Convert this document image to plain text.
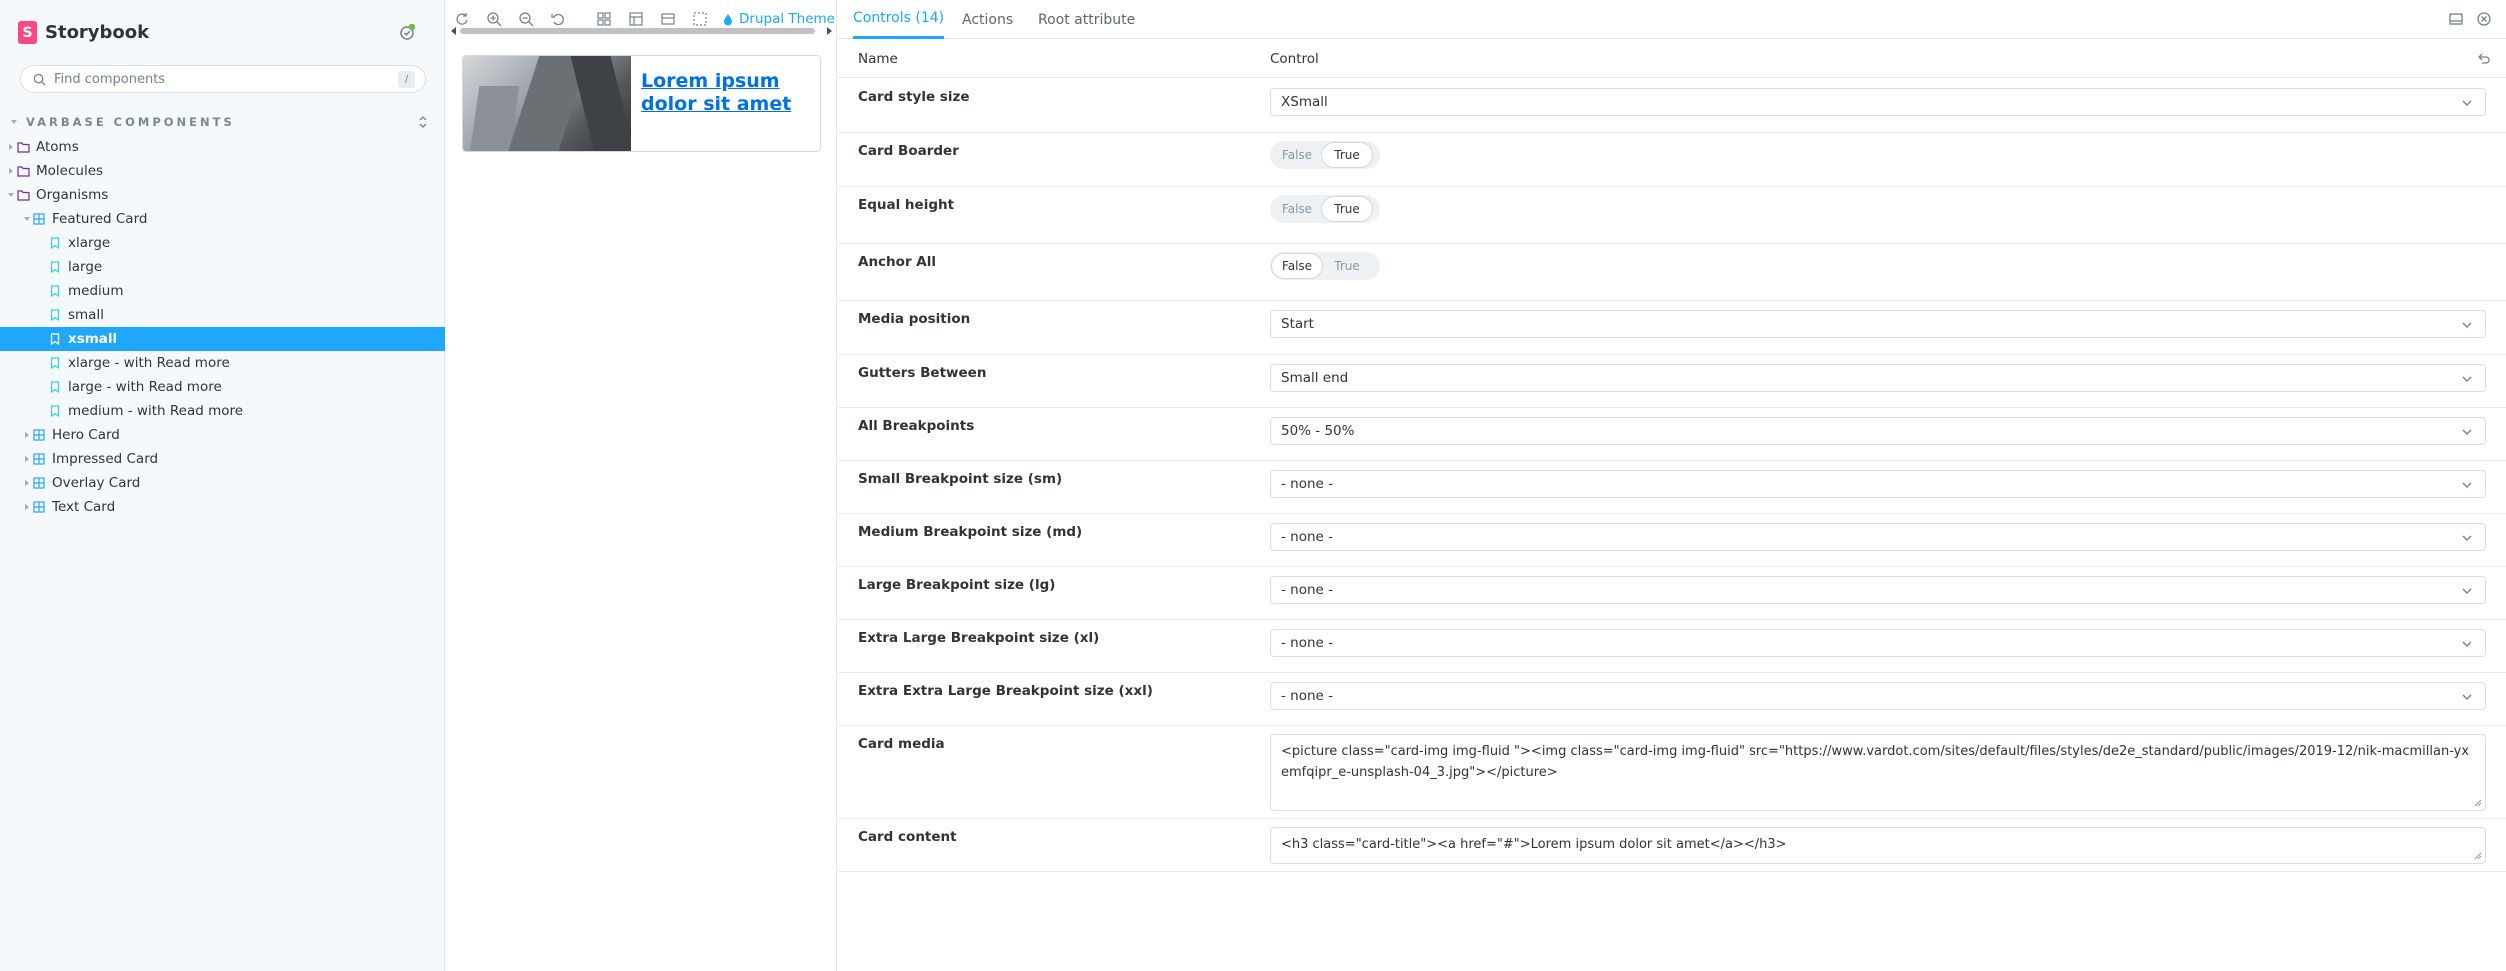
S Storybook
Find components
/
VARBASE COMPONENTS
Atoms
Molecules
Organisms
Featured Card
xlarge
large
medium
small
xsmall
xlarge - with Read more
large - with Read more
medium - with Read more
Hero Card
Impressed Card
Overlay Card
Text Card
Drupal Theme
Lorem ipsum dolor sit amet
Controls (14) Actions Root attribute
Name	Control
Card style size	XSmall
Card Boarder	False	True
Equal height	False	True
Anchor All	False	True
Media position	Start
Gutters Between	Small end
All Breakpoints	50% - 50%
Small Breakpoint size (sm)	- none -
Medium Breakpoint size (md)	- none -
Large Breakpoint size (lg)	- none -
Extra Large Breakpoint size (xl)	- none -
Extra Extra Large Breakpoint size (xxl)	- none -
Card media	<picture class="card-img img-fluid "><img class="card-img img-fluid" src="https://www.vardot.com/sites/default/files/styles/de2e_standard/public/images/2019-12/nik-macmillan-yxemfqipr_e-unsplash-04_3.jpg"></picture>
Card content	<h3 class="card-title"><a href="#">Lorem ipsum dolor sit amet</a></h3>
